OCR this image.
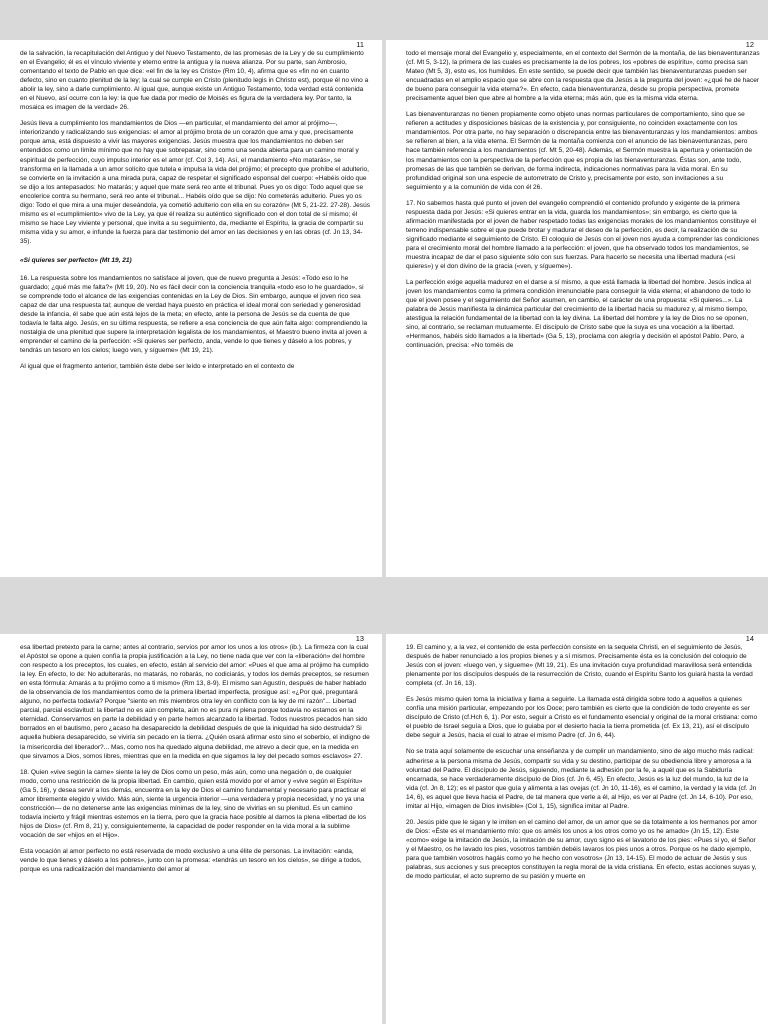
11

de la salvación, la recapitulación del Antiguo y del Nuevo Testamento, de las promesas de la Ley y de su cumplimiento en el Evangelio; él es el vínculo viviente y eterno entre la antigua y la nueva alianza. Por su parte, san Ambrosio, comentando el texto de Pablo en que dice: «el fin de la ley es Cristo» (Rm 10, 4), afirma que es «fin no en cuanto defecto, sino en cuanto plenitud de la ley; la cual se cumple en Cristo (plenitudo legis in Christo est), porque él no vino a abolir la ley, sino a darle cumplimiento. Al igual que, aunque existe un Antiguo Testamento, toda verdad está contenida en el Nuevo, así ocurre con la ley: la que fue dada por medio de Moisés es figura de la verdadera ley. Por tanto, la mosaica es imagen de la verdad» 26.

Jesús lleva a cumplimiento los mandamientos de Dios —en particular, el mandamiento del amor al prójimo—, interiorizando y radicalizando sus exigencias: el amor al prójimo brota de un corazón que ama y que, precisamente porque ama, está dispuesto a vivir las mayores exigencias. Jesús muestra que los mandamientos no deben ser entendidos como un límite mínimo que no hay que sobrepasar, sino como una senda abierta para un camino moral y espiritual de perfección, cuyo impulso interior es el amor (cf. Col 3, 14). Así, el mandamiento «No matarás», se transforma en la llamada a un amor solícito que tutela e impulsa la vida del prójimo; el precepto que prohíbe el adulterio, se convierte en la invitación a una mirada pura, capaz de respetar el significado esponsal del cuerpo: «Habéis oído que se dijo a los antepasados: No matarás; y aquel que mate será reo ante el tribunal. Pues yo os digo: Todo aquel que se encolerice contra su hermano, será reo ante el tribunal... Habéis oído que se dijo: No cometerás adulterio. Pues yo os digo: Todo el que mira a una mujer deseándola, ya cometió adulterio con ella en su corazón» (Mt 5, 21-22. 27-28). Jesús mismo es el «cumplimiento» vivo de la Ley, ya que él realiza su auténtico significado con el don total de sí mismo; él mismo se hace Ley viviente y personal, que invita a su seguimiento, da, mediante el Espíritu, la gracia de compartir su misma vida y su amor, e infunde la fuerza para dar testimonio del amor en las decisiones y en las obras (cf. Jn 13, 34-35).

«Si quieres ser perfecto» (Mt 19, 21)

16. La respuesta sobre los mandamientos no satisface al joven, que de nuevo pregunta a Jesús: «Todo eso lo he guardado; ¿qué más me falta?» (Mt 19, 20). No es fácil decir con la conciencia tranquila «todo eso lo he guardado», si se comprende todo el alcance de las exigencias contenidas en la Ley de Dios. Sin embargo, aunque el joven rico sea capaz de dar una respuesta tal; aunque de verdad haya puesto en práctica el ideal moral con seriedad y generosidad desde la infancia, él sabe que aún está lejos de la meta; en efecto, ante la persona de Jesús se da cuenta de que todavía le falta algo. Jesús, en su última respuesta, se refiere a esa conciencia de que aún falta algo: comprendiendo la nostalgia de una plenitud que supere la interpretación legalista de los mandamientos, el Maestro bueno invita al joven a emprender el camino de la perfección: «Si quieres ser perfecto, anda, vende lo que tienes y dáselo a los pobres, y tendrás un tesoro en los cielos; luego ven, y sígueme» (Mt 19, 21).

Al igual que el fragmento anterior, también éste debe ser leído e interpretado en el contexto de

12

todo el mensaje moral del Evangelio y, especialmente, en el contexto del Sermón de la montaña, de las bienaventuranzas (cf. Mt 5, 3-12), la primera de las cuales es precisamente la de los pobres, los «pobres de espíritu», como precisa san Mateo (Mt 5, 3), esto es, los humildes. En este sentido, se puede decir que también las bienaventuranzas pueden ser encuadradas en el amplio espacio que se abre con la respuesta que da Jesús a la pregunta del joven: «¿qué he de hacer de bueno para conseguir la vida eterna?». En efecto, cada bienaventuranza, desde su propia perspectiva, promete precisamente aquel bien que abre al hombre a la vida eterna; más aún, que es la misma vida eterna.

Las bienaventuranzas no tienen propiamente como objeto unas normas particulares de comportamiento, sino que se refieren a actitudes y disposiciones básicas de la existencia y, por consiguiente, no coinciden exactamente con los mandamientos. Por otra parte, no hay separación o discrepancia entre las bienaventuranzas y los mandamientos: ambos se refieren al bien, a la vida eterna. El Sermón de la montaña comienza con el anuncio de las bienaventuranzas, pero hace también referencia a los mandamientos (cf. Mt 5, 20-48). Además, el Sermón muestra la apertura y orientación de los mandamientos con la perspectiva de la perfección que es propia de las bienaventuranzas. Éstas son, ante todo, promesas de las que también se derivan, de forma indirecta, indicaciones normativas para la vida moral. En su profundidad original son una especie de autorretrato de Cristo y, precisamente por esto, son invitaciones a su seguimiento y a la comunión de vida con él 26.

17. No sabemos hasta qué punto el joven del evangelio comprendió el contenido profundo y exigente de la primera respuesta dada por Jesús: «Si quieres entrar en la vida, guarda los mandamientos»; sin embargo, es cierto que la afirmación manifestada por el joven de haber respetado todas las exigencias morales de los mandamientos constituye el terreno indispensable sobre el que puede brotar y madurar el deseo de la perfección, es decir, la realización de su significado mediante el seguimiento de Cristo. El coloquio de Jesús con el joven nos ayuda a comprender las condiciones para el crecimiento moral del hombre llamado a la perfección: el joven, que ha observado todos los mandamientos, se muestra incapaz de dar el paso siguiente sólo con sus fuerzas. Para hacerlo se necesita una libertad madura («si quieres») y el don divino de la gracia («ven, y sígueme»).

La perfección exige aquella madurez en el darse a sí mismo, a que está llamada la libertad del hombre. Jesús indica al joven los mandamientos como la primera condición irrenunciable para conseguir la vida eterna; el abandono de todo lo que el joven posee y el seguimiento del Señor asumen, en cambio, el carácter de una propuesta: «Si quieres...». La palabra de Jesús manifiesta la dinámica particular del crecimiento de la libertad hacia su madurez y, al mismo tiempo, atestigua la relación fundamental de la libertad con la ley divina. La libertad del hombre y la ley de Dios no se oponen, sino, al contrario, se reclaman mutuamente. El discípulo de Cristo sabe que la suya es una vocación a la libertad. «Hermanos, habéis sido llamados a la libertad» (Ga 5, 13), proclama con alegría y decisión el apóstol Pablo. Pero, a continuación, precisa: «No toméis de

13

esa libertad pretexto para la carne; antes al contrario, servíos por amor los unos a los otros» (ib.). La firmeza con la cual el Apóstol se opone a quien confía la propia justificación a la Ley, no tiene nada que ver con la «liberación» del hombre con respecto a los preceptos, los cuales, en efecto, están al servicio del amor: «Pues el que ama al prójimo ha cumplido la ley. En efecto, lo de: No adulterarás, no matarás, no robarás, no codiciarás, y todos los demás preceptos, se resumen en esta fórmula: Amarás a tu prójimo como a ti mismo» (Rm 13, 8-9). El mismo san Agustín, después de haber hablado de la observancia de los mandamientos como de la primera libertad imperfecta, prosigue así: «¿Por qué, preguntará alguno, no perfecta todavía? Porque "siento en mis miembros otra ley en conflicto con la ley de mi razón"... Libertad parcial, parcial esclavitud: la libertad no es aún completa, aún no es pura ni plena porque todavía no estamos en la eternidad. Conservamos en parte la debilidad y en parte hemos alcanzado la libertad. Todos nuestros pecados han sido borrados en el bautismo, pero ¿acaso ha desaparecido la debilidad después de que la iniquidad ha sido destruida? Si aquella hubiera desaparecido, se viviría sin pecado en la tierra. ¿Quién osará afirmar esto sino el soberbio, el indigno de la misericordia del liberador?... Mas, como nos ha quedado alguna debilidad, me atrevo a decir que, en la medida en que sirvamos a Dios, somos libres, mientras que en la medida en que sigamos la ley del pecado somos esclavos» 27.

18. Quien «vive según la carne» siente la ley de Dios como un peso, más aún, como una negación o, de cualquier modo, como una restricción de la propia libertad. En cambio, quien está movido por el amor y «vive según el Espíritu» (Ga 5, 16), y desea servir a los demás, encuentra en la ley de Dios el camino fundamental y necesario para practicar el amor libremente elegido y vivido. Más aún, siente la urgencia interior —una verdadera y propia necesidad, y no ya una constricción— de no detenerse ante las exigencias mínimas de la ley, sino de vivirlas en su plenitud. Es un camino todavía incierto y frágil mientras estemos en la tierra, pero que la gracia hace posible al darnos la plena «libertad de los hijos de Dios» (cf. Rm 8, 21) y, consiguientemente, la capacidad de poder responder en la vida moral a la sublime vocación de ser «hijos en el Hijo».

Esta vocación al amor perfecto no está reservada de modo exclusivo a una élite de personas. La invitación: «anda, vende lo que tienes y dáselo a los pobres», junto con la promesa: «tendrás un tesoro en los cielos», se dirige a todos, porque es una radicalización del mandamiento del amor al

14

19. El camino y, a la vez, el contenido de esta perfección consiste en la sequela Christi, en el seguimiento de Jesús, después de haber renunciado a los propios bienes y a sí mismos. Precisamente ésta es la conclusión del coloquio de Jesús con el joven: «luego ven, y sígueme» (Mt 19, 21). Es una invitación cuya profundidad maravillosa será entendida plenamente por los discípulos después de la resurrección de Cristo, cuando el Espíritu Santo los guiará hasta la verdad completa (cf. Jn 16, 13).

Es Jesús mismo quien toma la iniciativa y llama a seguirle. La llamada está dirigida sobre todo a aquellos a quienes confía una misión particular, empezando por los Doce; pero también es cierto que la condición de todo creyente es ser discípulo de Cristo (cf.Hch 6, 1). Por esto, seguir a Cristo es el fundamento esencial y original de la moral cristiana: como el pueblo de Israel seguía a Dios, que lo guiaba por el desierto hacia la tierra prometida (cf. Ex 13, 21), así el discípulo debe seguir a Jesús, hacia el cual lo atrae el mismo Padre (cf. Jn 6, 44).

No se trata aquí solamente de escuchar una enseñanza y de cumplir un mandamiento, sino de algo mucho más radical: adherirse a la persona misma de Jesús, compartir su vida y su destino, participar de su obediencia libre y amorosa a la voluntad del Padre. El discípulo de Jesús, siguiendo, mediante la adhesión por la fe, a aquél que es la Sabiduría encarnada, se hace verdaderamente discípulo de Dios (cf. Jn 6, 45). En efecto, Jesús es la luz del mundo, la luz de la vida (cf. Jn 8, 12); es el pastor que guía y alimenta a las ovejas (cf. Jn 10, 11-16), es el camino, la verdad y la vida (cf. Jn 14, 6), es aquel que lleva hacia el Padre, de tal manera que verle a él, al Hijo, es ver al Padre (cf. Jn 14, 6-10). Por eso, imitar al Hijo, «imagen de Dios invisible» (Col 1, 15), significa imitar al Padre.

20. Jesús pide que le sigan y le imiten en el camino del amor, de un amor que se da totalmente a los hermanos por amor de Dios: «Éste es el mandamiento mío: que os améis los unos a los otros como yo os he amado» (Jn 15, 12). Este «como» exige la imitación de Jesús, la imitación de su amor, cuyo signo es el lavatorio de los pies: «Pues si yo, el Señor y el Maestro, os he lavado los pies, vosotros también debéis lavaros los pies unos a otros. Porque os he dado ejemplo, para que también vosotros hagáis como yo he hecho con vosotros» (Jn 13, 14-15). El modo de actuar de Jesús y sus palabras, sus acciones y sus preceptos constituyen la regla moral de la vida cristiana. En efecto, estas acciones suyas y, de modo particular, el acto supremo de su pasión y muerte en
